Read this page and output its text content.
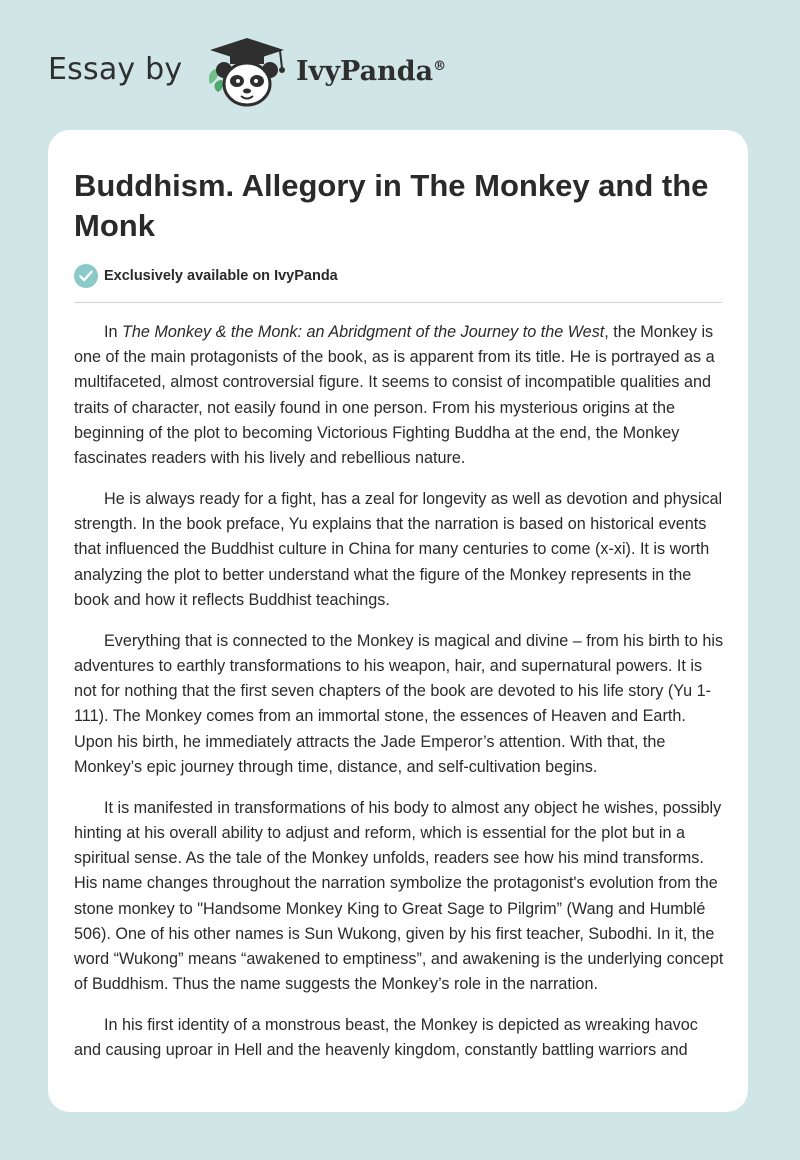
Essay by	IvyPanda®
Buddhism. Allegory in The Monkey and the Monk
Exclusively available on IvyPanda

In The Monkey & the Monk: an Abridgment of the Journey to the West, the Monkey is one of the main protagonists of the book, as is apparent from its title. He is portrayed as a multifaceted, almost controversial figure. It seems to consist of incompatible qualities and traits of character, not easily found in one person. From his mysterious origins at the beginning of the plot to becoming Victorious Fighting Buddha at the end, the Monkey fascinates readers with his lively and rebellious nature.

He is always ready for a fight, has a zeal for longevity as well as devotion and physical strength. In the book preface, Yu explains that the narration is based on historical events that influenced the Buddhist culture in China for many centuries to come (x-xi). It is worth analyzing the plot to better understand what the figure of the Monkey represents in the book and how it reflects Buddhist teachings.

Everything that is connected to the Monkey is magical and divine – from his birth to his adventures to earthly transformations to his weapon, hair, and supernatural powers. It is not for nothing that the first seven chapters of the book are devoted to his life story (Yu 1-111). The Monkey comes from an immortal stone, the essences of Heaven and Earth. Upon his birth, he immediately attracts the Jade Emperor’s attention. With that, the Monkey’s epic journey through time, distance, and self-cultivation begins.

It is manifested in transformations of his body to almost any object he wishes, possibly hinting at his overall ability to adjust and reform, which is essential for the plot but in a spiritual sense. As the tale of the Monkey unfolds, readers see how his mind transforms. His name changes throughout the narration symbolize the protagonist's evolution from the stone monkey to "Handsome Monkey King to Great Sage to Pilgrim” (Wang and Humblé 506). One of his other names is Sun Wukong, given by his first teacher, Subodhi. In it, the word “Wukong” means “awakened to emptiness”, and awakening is the underlying concept of Buddhism. Thus the name suggests the Monkey’s role in the narration.

In his first identity of a monstrous beast, the Monkey is depicted as wreaking havoc and causing uproar in Hell and the heavenly kingdom, constantly battling warriors and
